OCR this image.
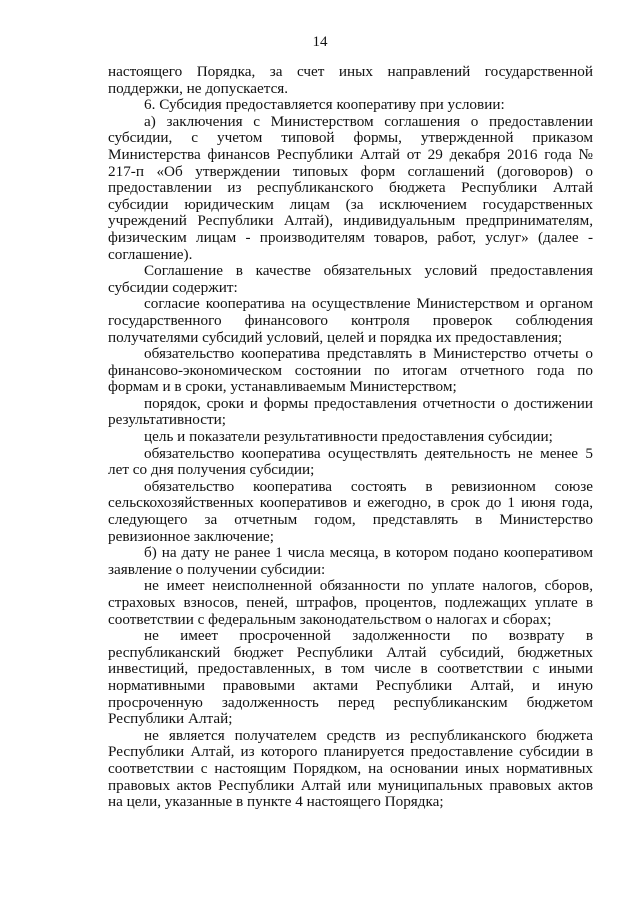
14

настоящего Порядка, за счет иных направлений государственной поддержки, не допускается.

6. Субсидия предоставляется кооперативу при условии:

а) заключения с Министерством соглашения о предоставлении субсидии, с учетом типовой формы, утвержденной приказом Министерства финансов Республики Алтай от 29 декабря 2016 года № 217-п «Об утверждении типовых форм соглашений (договоров) о предоставлении из республиканского бюджета Республики Алтай субсидии юридическим лицам (за исключением государственных учреждений Республики Алтай), индивидуальным предпринимателям, физическим лицам - производителям товаров, работ, услуг» (далее - соглашение).

Соглашение в качестве обязательных условий предоставления субсидии содержит:

согласие кооператива на осуществление Министерством и органом государственного финансового контроля проверок соблюдения получателями субсидий условий, целей и порядка их предоставления;

обязательство кооператива представлять в Министерство отчеты о финансово-экономическом состоянии по итогам отчетного года по формам и в сроки, устанавливаемым Министерством;

порядок, сроки и формы предоставления отчетности о достижении результативности;

цель и показатели результативности предоставления субсидии;

обязательство кооператива осуществлять деятельность не менее 5 лет со дня получения субсидии;

обязательство кооператива состоять в ревизионном союзе сельскохозяйственных кооперативов и ежегодно, в срок до 1 июня года, следующего за отчетным годом, представлять в Министерство ревизионное заключение;

б) на дату не ранее 1 числа месяца, в котором подано кооперативом заявление о получении субсидии:

не имеет неисполненной обязанности по уплате налогов, сборов, страховых взносов, пеней, штрафов, процентов, подлежащих уплате в соответствии с федеральным законодательством о налогах и сборах;

не имеет просроченной задолженности по возврату в республиканский бюджет Республики Алтай субсидий, бюджетных инвестиций, предоставленных, в том числе в соответствии с иными нормативными правовыми актами Республики Алтай, и иную просроченную задолженность перед республиканским бюджетом Республики Алтай;

не является получателем средств из республиканского бюджета Республики Алтай, из которого планируется предоставление субсидии в соответствии с настоящим Порядком, на основании иных нормативных правовых актов Республики Алтай или муниципальных правовых актов на цели, указанные в пункте 4 настоящего Порядка;
